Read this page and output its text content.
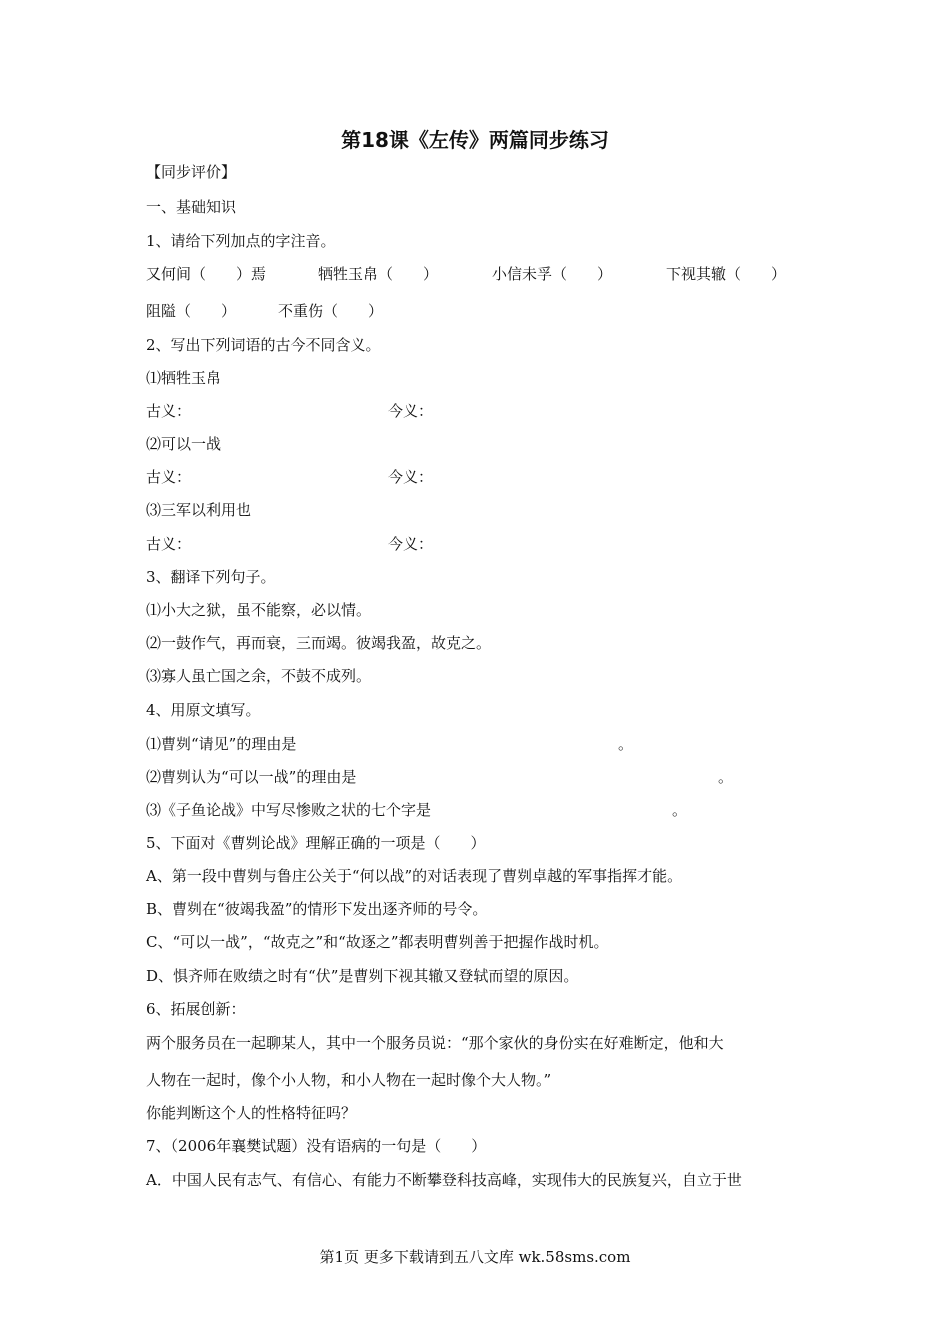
第18课《左传》两篇同步练习
【同步评价】
一、基础知识
1、请给下列加点的字注音。
又何间（　　）焉	牺牲玉帛（　　）	小信未孚（　　）	下视其辙（　　）
阻隘（　　）	不重伤（　　）
2、写出下列词语的古今不同含义。
⑴牺牲玉帛
古义：	今义：
⑵可以一战
古义：	今义：
⑶三军以利用也
古义：	今义：
3、翻译下列句子。
⑴小大之狱，虽不能察，必以情。
⑵一鼓作气，再而衰，三而竭。彼竭我盈，故克之。
⑶寡人虽亡国之余，不鼓不成列。
4、用原文填写。
⑴曹刿“请见”的理由是	。
⑵曹刿认为“可以一战”的理由是	。
⑶《子鱼论战》中写尽惨败之状的七个字是	。
5、下面对《曹刿论战》理解正确的一项是（　　）
A、第一段中曹刿与鲁庄公关于“何以战”的对话表现了曹刿卓越的军事指挥才能。
B、曹刿在“彼竭我盈”的情形下发出逐齐师的号令。
C、“可以一战”，“故克之”和“故逐之”都表明曹刿善于把握作战时机。
D、惧齐师在败绩之时有“伏”是曹刿下视其辙又登轼而望的原因。
6、拓展创新：
两个服务员在一起聊某人，其中一个服务员说：“那个家伙的身份实在好难断定，他和大
人物在一起时，像个小人物，和小人物在一起时像个大人物。”
你能判断这个人的性格特征吗？
7、（2006年襄樊试题）没有语病的一句是（　　）
A．中国人民有志气、有信心、有能力不断攀登科技高峰，实现伟大的民族复兴，自立于世
第1页 更多下载请到五八文库 wk.58sms.com
